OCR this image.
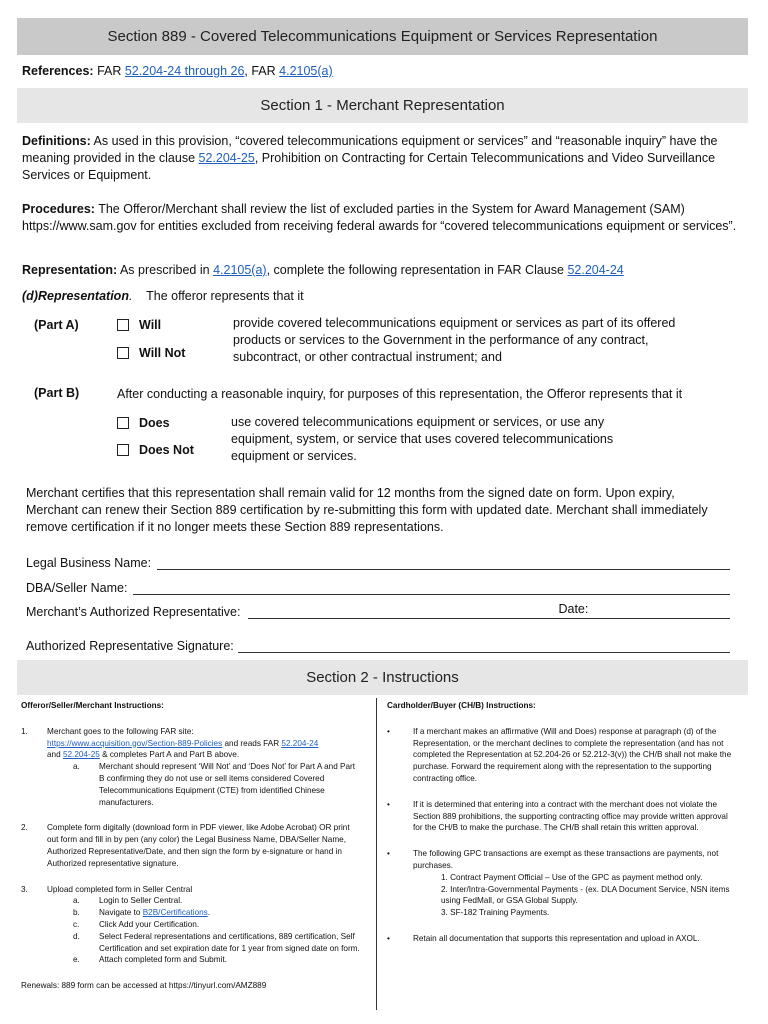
Section 889 - Covered Telecommunications Equipment or Services Representation
References: FAR 52.204-24 through 26, FAR 4.2105(a)
Section 1 - Merchant Representation
Definitions: As used in this provision, “covered telecommunications equipment or services” and “reasonable inquiry” have the meaning provided in the clause 52.204-25, Prohibition on Contracting for Certain Telecommunications and Video Surveillance Services or Equipment.
Procedures: The Offeror/Merchant shall review the list of excluded parties in the System for Award Management (SAM) https://www.sam.gov for entities excluded from receiving federal awards for “covered telecommunications equipment or services”.
Representation: As prescribed in 4.2105(a), complete the following representation in FAR Clause 52.204-24
(d)Representation. The offeror represents that it
(Part A)	Will
Will Not
provide covered telecommunications equipment or services as part of its offered products or services to the Government in the performance of any contract, subcontract, or other contractual instrument; and
(Part B)	After conducting a reasonable inquiry, for purposes of this representation, the Offeror represents that it
Does
Does Not
use covered telecommunications equipment or services, or use any equipment, system, or service that uses covered telecommunications equipment or services.
Merchant certifies that this representation shall remain valid for 12 months from the signed date on form. Upon expiry, Merchant can renew their Section 889 certification by re-submitting this form with updated date. Merchant shall immediately remove certification if it no longer meets these Section 889 representations.
Legal Business Name:
DBA/Seller Name:
Merchant’s Authorized Representative:	Date:
Authorized Representative Signature:
Section 2 - Instructions
Offeror/Seller/Merchant Instructions:
1. Merchant goes to the following FAR site:
https://www.acquisition.gov/Section-889-Policies and reads FAR 52.204-24
and 52.204-25 & completes Part A and Part B above.
a. Merchant should represent ‘Will Not’ and ‘Does Not’ for Part A and Part B confirming they do not use or sell items considered Covered Telecommunications Equipment (CTE) from identified Chinese manufacturers.
2. Complete form digitally (download form in PDF viewer, like Adobe Acrobat) OR print out form and fill in by pen (any color) the Legal Business Name, DBA/Seller Name, Authorized Representative/Date, and then sign the form by e-signature or hand in Authorized representative signature.
3. Upload completed form in Seller Central
a. Login to Seller Central.
b. Navigate to B2B/Certifications.
c. Click Add your Certification.
d. Select Federal representations and certifications, 889 certification, Self Certification and set expiration date for 1 year from signed date on form.
e. Attach completed form and Submit.
Renewals: 889 form can be accessed at https://tinyurl.com/AMZ889
Cardholder/Buyer (CH/B) Instructions:
•	If a merchant makes an affirmative (Will and Does) response at paragraph (d) of the Representation, or the merchant declines to complete the representation (and has not completed the Representation at 52.204-26 or 52.212-3(v)) the CH/B shall not make the purchase. Forward the requirement along with the representation to the supporting contracting office.
•	If it is determined that entering into a contract with the merchant does not violate the Section 889 prohibitions, the supporting contracting office may provide written approval for the CH/B to make the purchase. The CH/B shall retain this written approval.
•	The following GPC transactions are exempt as these transactions are payments, not purchases.
1. Contract Payment Official – Use of the GPC as payment method only.
2. Inter/Intra-Governmental Payments - (ex. DLA Document Service, NSN items using FedMall, or GSA Global Supply.
3. SF-182 Training Payments.
•	Retain all documentation that supports this representation and upload in AXOL.
